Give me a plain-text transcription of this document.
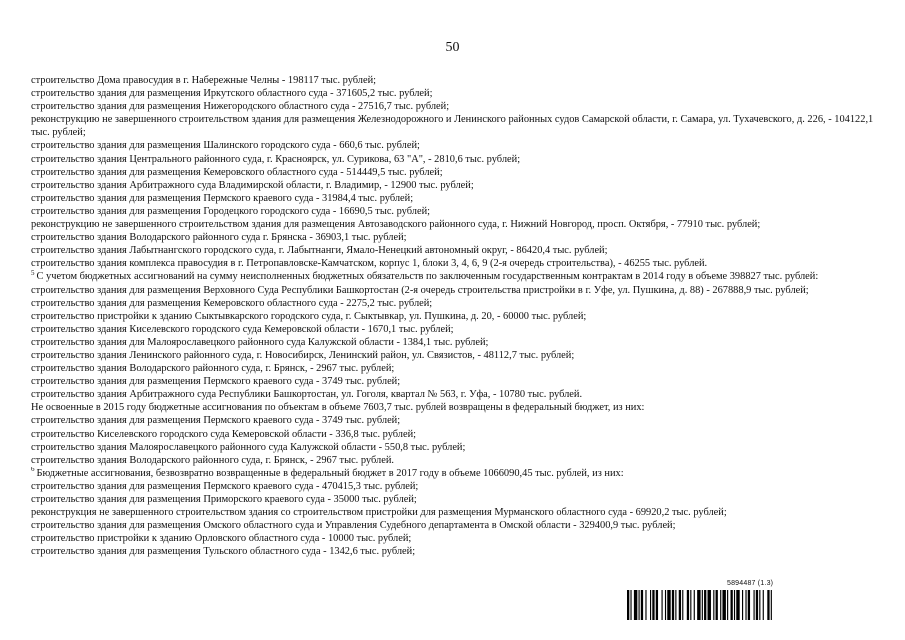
50
строительство Дома правосудия в г. Набережные Челны - 198117 тыс. рублей;
строительство здания для размещения Иркутского областного суда - 371605,2 тыс. рублей;
строительство здания для размещения Нижегородского областного суда - 27516,7 тыс. рублей;
реконструкцию не завершенного строительством здания для размещения Железнодорожного и Ленинского районных судов Самарской области, г. Самара, ул. Тухачевского, д. 226, - 104122,1 тыс. рублей;
строительство здания для размещения Шалинского городского суда - 660,6 тыс. рублей;
строительство здания Центрального районного суда, г. Красноярск, ул. Сурикова, 63 "А", - 2810,6 тыс. рублей;
строительство здания для размещения Кемеровского областного суда - 514449,5 тыс. рублей;
строительство здания Арбитражного суда Владимирской области, г. Владимир, - 12900 тыс. рублей;
строительство здания для размещения Пермского краевого суда - 31984,4 тыс. рублей;
строительство здания для размещения Городецкого городского суда - 16690,5 тыс. рублей;
реконструкцию не завершенного строительством здания для размещения Автозаводского районного суда, г. Нижний Новгород, просп. Октября, - 77910 тыс. рублей;
строительство здания Володарского районного суда г. Брянска - 36903,1 тыс. рублей;
строительство здания Лабытнангского городского суда, г. Лабытнанги, Ямало-Ненецкий автономный округ, - 86420,4 тыс. рублей;
строительство здания комплекса правосудия в г. Петропавловске-Камчатском, корпус 1, блоки 3, 4, 6, 9 (2-я очередь строительства), - 46255 тыс. рублей.
$^5$ С учетом бюджетных ассигнований на сумму неисполненных бюджетных обязательств по заключенным государственным контрактам в 2014 году в объеме 398827 тыс. рублей:
строительство здания для размещения Верховного Суда Республики Башкортостан (2-я очередь строительства пристройки в г. Уфе, ул. Пушкина, д. 88) - 267888,9 тыс. рублей;
строительство здания для размещения Кемеровского областного суда - 2275,2 тыс. рублей;
строительство пристройки к зданию Сыктывкарского городского суда, г. Сыктывкар, ул. Пушкина, д. 20, - 60000 тыс. рублей;
строительство здания Киселевского городского суда Кемеровской области - 1670,1 тыс. рублей;
строительство здания для Малоярославецкого районного суда Калужской области - 1384,1 тыс. рублей;
строительство здания Ленинского районного суда, г. Новосибирск, Ленинский район, ул. Связистов, - 48112,7 тыс. рублей;
строительство здания Володарского районного суда, г. Брянск, - 2967 тыс. рублей;
строительство здания для размещения Пермского краевого суда - 3749 тыс. рублей;
строительство здания Арбитражного суда Республики Башкортостан, ул. Гоголя, квартал № 563, г. Уфа, - 10780 тыс. рублей.
Не освоенные в 2015 году бюджетные ассигнования по объектам в объеме 7603,7 тыс. рублей возвращены в федеральный бюджет, из них:
строительство здания для размещения Пермского краевого суда - 3749 тыс. рублей;
строительство Киселевского городского суда Кемеровской области - 336,8 тыс. рублей;
строительство здания Малоярославецкого районного суда Калужской области - 550,8 тыс. рублей;
строительство здания Володарского районного суда, г. Брянск, - 2967 тыс. рублей.
$^6$ Бюджетные ассигнования, безвозвратно возвращенные в федеральный бюджет в 2017 году в объеме 1066090,45 тыс. рублей, из них:
строительство здания для размещения Пермского краевого суда - 470415,3 тыс. рублей;
строительство здания для размещения Приморского краевого суда - 35000 тыс. рублей;
реконструкция не завершенного строительством здания со строительством пристройки для размещения Мурманского областного суда - 69920,2 тыс. рублей;
строительство здания для размещения Омского областного суда и Управления Судебного департамента в Омской области - 329400,9 тыс. рублей;
строительство пристройки к зданию Орловского областного суда - 10000 тыс. рублей;
строительство здания для размещения Тульского областного суда - 1342,6 тыс. рублей;
5894487 (1.3)
